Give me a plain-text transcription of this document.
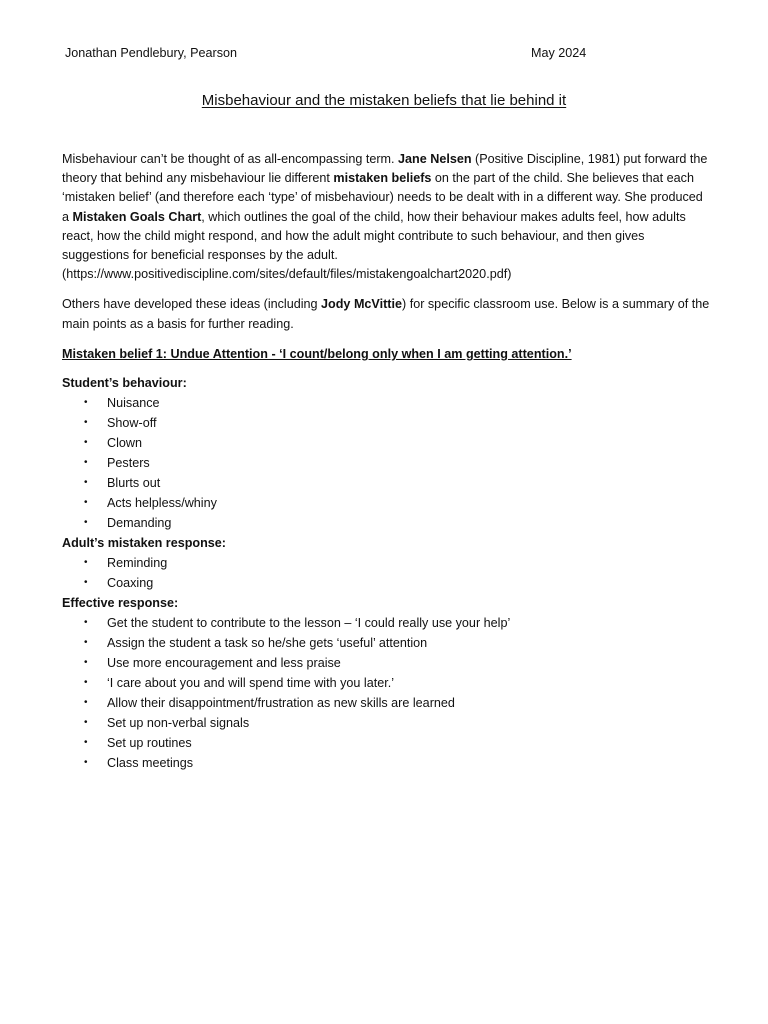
Jonathan Pendlebury, Pearson	May 2024
Misbehaviour and the mistaken beliefs that lie behind it

Misbehaviour can’t be thought of as all-encompassing term. Jane Nelsen (Positive Discipline, 1981) put forward the theory that behind any misbehaviour lie different mistaken beliefs on the part of the child. She believes that each ‘mistaken belief’ (and therefore each ‘type’ of misbehaviour) needs to be dealt with in a different way. She produced a Mistaken Goals Chart, which outlines the goal of the child, how their behaviour makes adults feel, how adults react, how the child might respond, and how the adult might contribute to such behaviour, and then gives suggestions for beneficial responses by the adult.
(https://www.positivediscipline.com/sites/default/files/mistakengoalchart2020.pdf)

Others have developed these ideas (including Jody McVittie) for specific classroom use. Below is a summary of the main points as a basis for further reading.

Mistaken belief 1: Undue Attention - ‘I count/belong only when I am getting attention.’
Student’s behaviour:
• Nuisance
• Show-off
• Clown
• Pesters
• Blurts out
• Acts helpless/whiny
• Demanding
Adult’s mistaken response:
• Reminding
• Coaxing
Effective response:
• Get the student to contribute to the lesson – ‘I could really use your help’
• Assign the student a task so he/she gets ‘useful’ attention
• Use more encouragement and less praise
• ‘I care about you and will spend time with you later.’
• Allow their disappointment/frustration as new skills are learned
• Set up non-verbal signals
• Set up routines
• Class meetings
